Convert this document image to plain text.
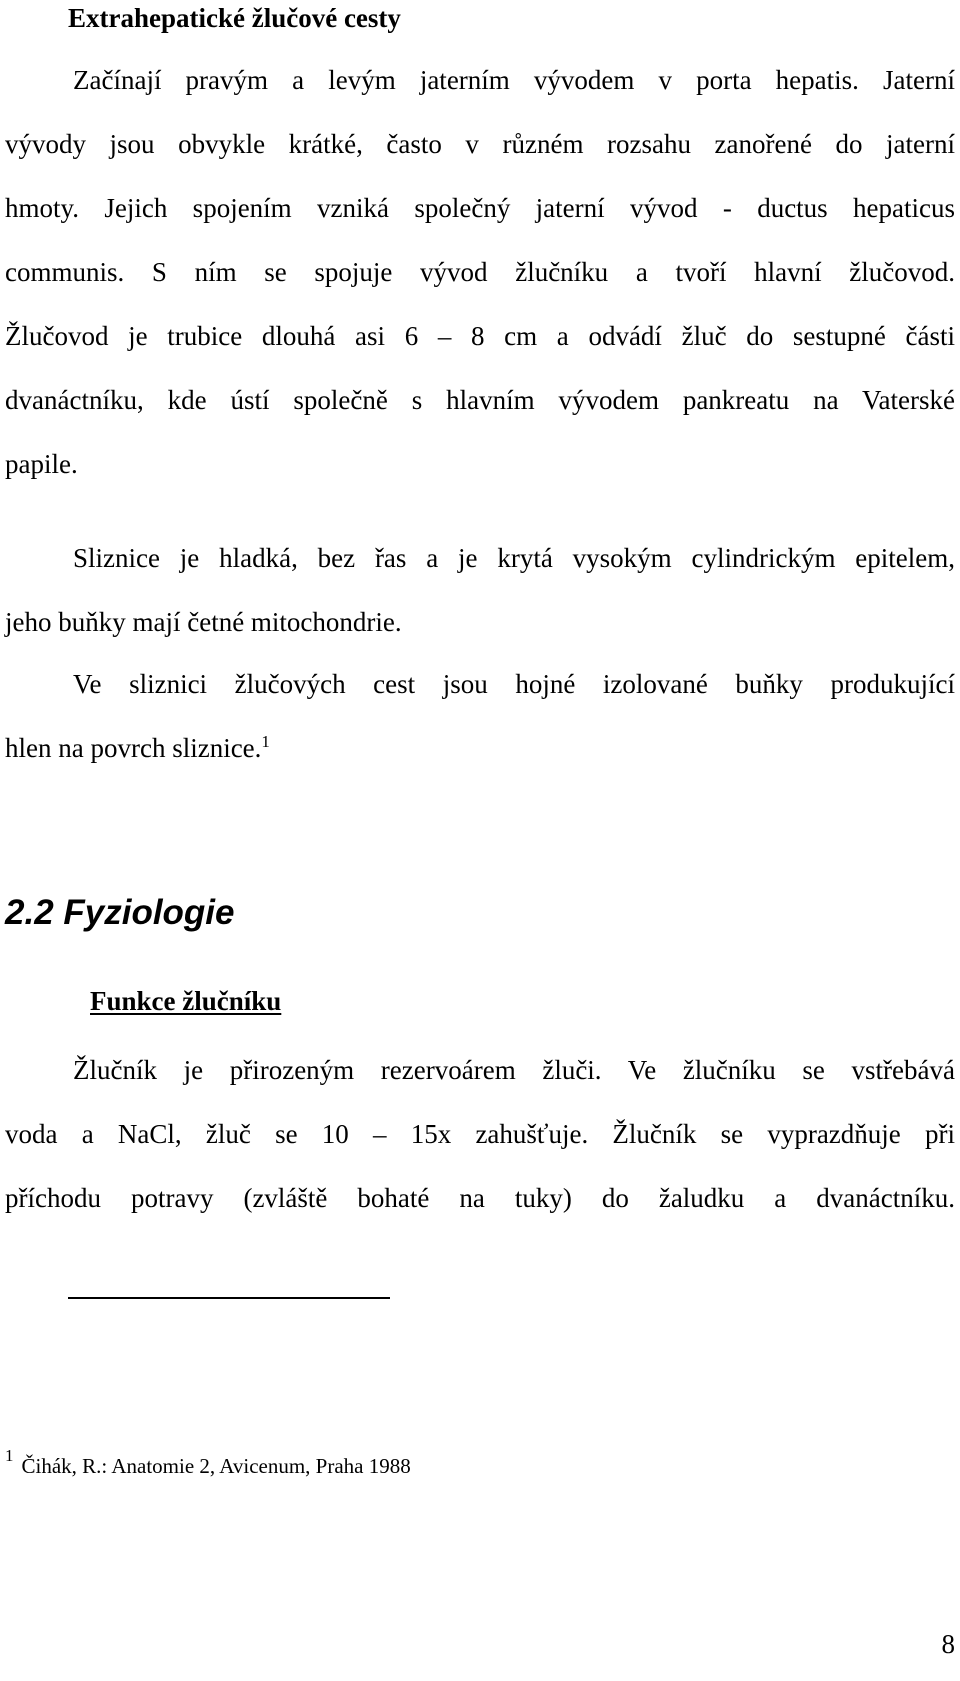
Extrahepatické žlučové cesty
Začínají pravým a levým jaterním vývodem v porta hepatis. Jaterní
vývody jsou obvykle krátké, často v různém rozsahu zanořené do jaterní
hmoty. Jejich spojením vzniká společný jaterní vývod - ductus hepaticus
communis. S ním se spojuje vývod žlučníku a tvoří hlavní žlučovod.
Žlučovod je trubice dlouhá asi 6 – 8 cm a odvádí žluč do sestupné části
dvanáctníku, kde ústí společně s hlavním vývodem pankreatu na Vaterské
papile.
Sliznice je hladká, bez řas a je krytá vysokým cylindrickým epitelem,
jeho buňky mají četné mitochondrie.
Ve sliznici žlučových cest jsou hojné izolované buňky produkující
hlen na povrch sliznice.$^1$
2.2 Fyziologie
Funkce žlučníku
Žlučník je přirozeným rezervoárem žluči. Ve žlučníku se vstřebává
voda a NaCl, žluč se 10 – 15x zahušťuje. Žlučník se vyprazdňuje při
příchodu potravy (zvláště bohaté na tuky) do žaludku a dvanáctníku.

$^1$ Čihák, R.: Anatomie 2, Avicenum, Praha 1988

8
